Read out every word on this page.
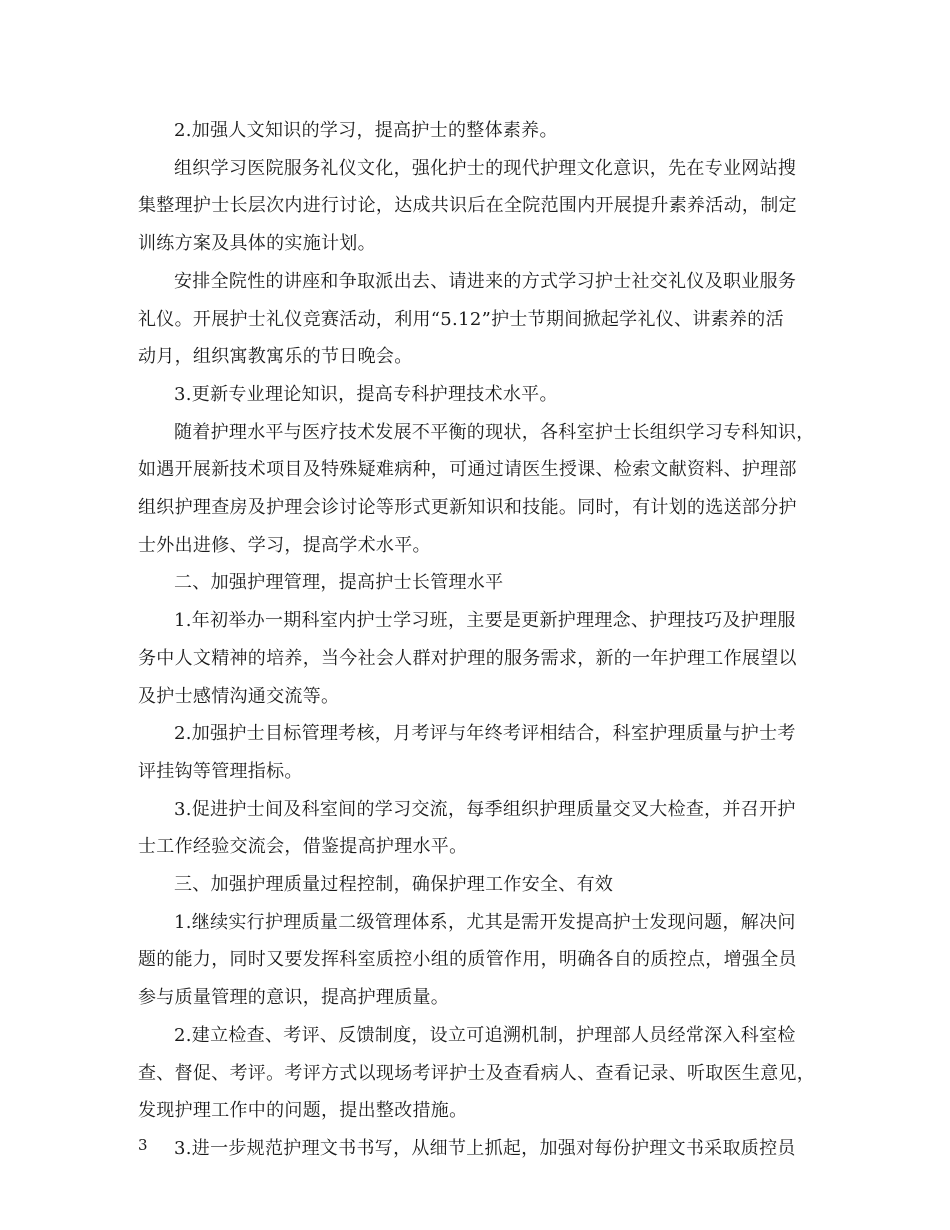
2.加强人文知识的学习，提高护士的整体素养。

组织学习医院服务礼仪文化，强化护士的现代护理文化意识，先在专业网站搜
集整理护士长层次内进行讨论，达成共识后在全院范围内开展提升素养活动，制定
训练方案及具体的实施计划。

安排全院性的讲座和争取派出去、请进来的方式学习护士社交礼仪及职业服务
礼仪。开展护士礼仪竞赛活动，利用“5.12”护士节期间掀起学礼仪、讲素养的活
动月，组织寓教寓乐的节日晚会。

3.更新专业理论知识，提高专科护理技术水平。

随着护理水平与医疗技术发展不平衡的现状，各科室护士长组织学习专科知识，
如遇开展新技术项目及特殊疑难病种，可通过请医生授课、检索文献资料、护理部
组织护理查房及护理会诊讨论等形式更新知识和技能。同时，有计划的选送部分护
士外出进修、学习，提高学术水平。

二、加强护理管理，提高护士长管理水平

1.年初举办一期科室内护士学习班，主要是更新护理理念、护理技巧及护理服
务中人文精神的培养，当今社会人群对护理的服务需求，新的一年护理工作展望以
及护士感情沟通交流等。

2.加强护士目标管理考核，月考评与年终考评相结合，科室护理质量与护士考
评挂钩等管理指标。

3.促进护士间及科室间的学习交流，每季组织护理质量交叉大检查，并召开护
士工作经验交流会，借鉴提高护理水平。

三、加强护理质量过程控制，确保护理工作安全、有效

1.继续实行护理质量二级管理体系，尤其是需开发提高护士发现问题，解决问
题的能力，同时又要发挥科室质控小组的质管作用，明确各自的质控点，增强全员
参与质量管理的意识，提高护理质量。

2.建立检查、考评、反馈制度，设立可追溯机制，护理部人员经常深入科室检
查、督促、考评。考评方式以现场考评护士及查看病人、查看记录、听取医生意见，
发现护理工作中的问题，提出整改措施。

3.进一步规范护理文书书写，从细节上抓起，加强对每份护理文书采取质控员

3
